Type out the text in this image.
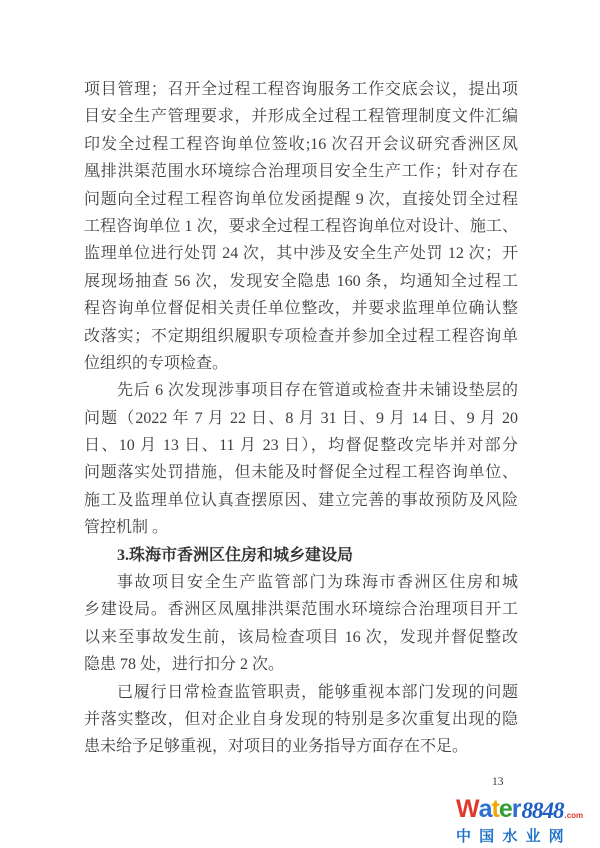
项目管理；召开全过程工程咨询服务工作交底会议，提出项
目安全生产管理要求，并形成全过程工程管理制度文件汇编
印发全过程工程咨询单位签收;16 次召开会议研究香洲区凤
凰排洪渠范围水环境综合治理项目安全生产工作；针对存在
问题向全过程工程咨询单位发函提醒 9 次，直接处罚全过程
工程咨询单位 1 次，要求全过程工程咨询单位对设计、施工、
监理单位进行处罚 24 次，其中涉及安全生产处罚 12 次；开
展现场抽查 56 次，发现安全隐患 160 条，均通知全过程工
程咨询单位督促相关责任单位整改，并要求监理单位确认整
改落实；不定期组织履职专项检查并参加全过程工程咨询单
位组织的专项检查。
先后 6 次发现涉事项目存在管道或检查井未铺设垫层的
问题（2022 年 7 月 22 日、8 月 31 日、9 月 14 日、9 月 20
日、10 月 13 日、11 月 23 日），均督促整改完毕并对部分
问题落实处罚措施，但未能及时督促全过程工程咨询单位、
施工及监理单位认真查摆原因、建立完善的事故预防及风险
管控机制 。
3.珠海市香洲区住房和城乡建设局
事故项目安全生产监管部门为珠海市香洲区住房和城
乡建设局。香洲区凤凰排洪渠范围水环境综合治理项目开工
以来至事故发生前，该局检查项目 16 次，发现并督促整改
隐患 78 处，进行扣分 2 次。
已履行日常检查监管职责，能够重视本部门发现的问题
并落实整改，但对企业自身发现的特别是多次重复出现的隐
患未给予足够重视，对项目的业务指导方面存在不足。
13
W a t e r 8848 .com
中 国 水 业 网
